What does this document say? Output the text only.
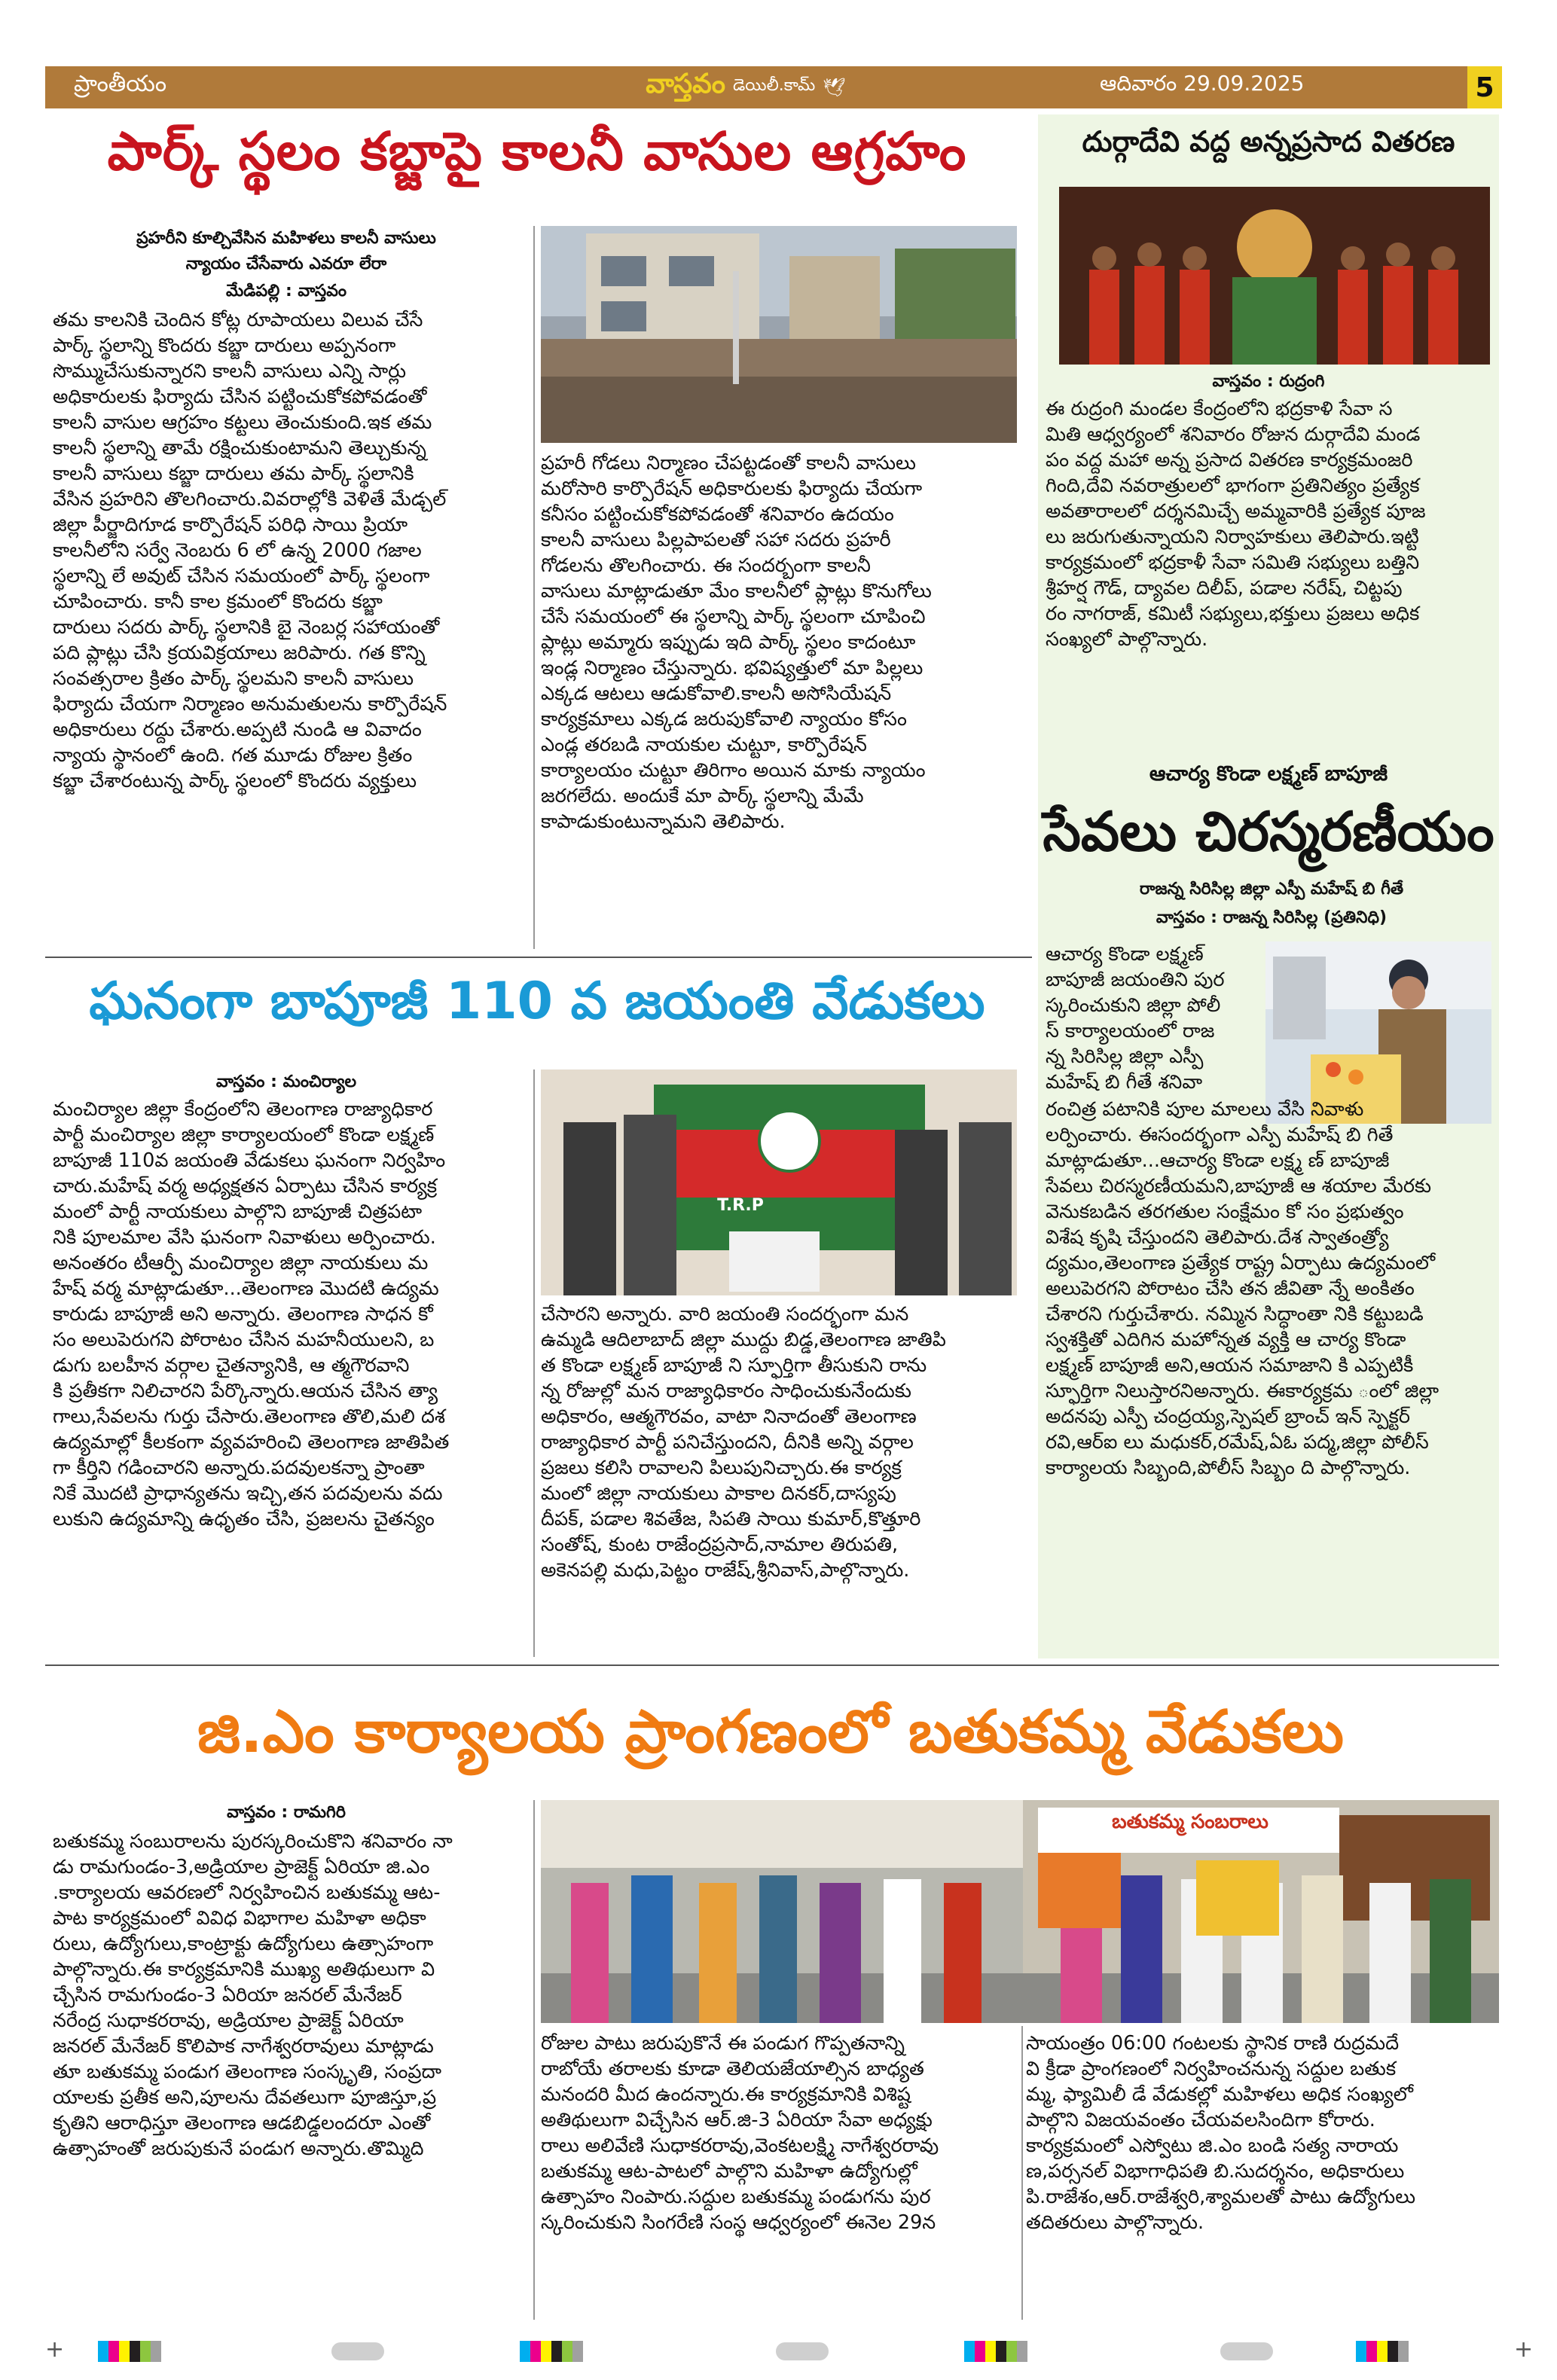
ప్రాంతీయం	వాస్తవం డెయిలీ.కామ్ 🕊	ఆదివారం 29.09.2025	5
పార్క్ స్థలం కబ్జాపై కాలనీ వాసుల ఆగ్రహం
ప్రహరీని కూల్చివేసిన మహిళలు కాలనీ వాసులు
న్యాయం చేసేవారు ఎవరూ లేరా
మేడిపల్లి : వాస్తవం
తమ కాలనికి చెందిన కోట్ల రూపాయలు విలువ చేసే
పార్క్ స్థలాన్ని కొందరు కబ్జా దారులు అప్పనంగా
సొమ్ముచేసుకున్నారని కాలనీ వాసులు ఎన్ని సార్లు
అధికారులకు ఫిర్యాదు చేసిన పట్టించుకోకపోవడంతో
కాలనీ వాసుల ఆగ్రహం కట్టలు తెంచుకుంది.ఇక తమ
కాలనీ స్థలాన్ని తామే రక్షించుకుంటామని తెల్చుకున్న
కాలనీ వాసులు కబ్జా దారులు తమ పార్క్ స్థలానికి
వేసిన ప్రహరిని తొలగించారు.వివరాల్లోకి వెళితే మేడ్చల్
జిల్లా పీర్జాదిగూడ కార్పొరేషన్ పరిధి సాయి ప్రియా
కాలనీలోని సర్వే నెంబరు 6 లో ఉన్న 2000 గజాల
స్థలాన్ని లే అవుట్ చేసిన సమయంలో పార్క్ స్థలంగా
చూపించారు. కానీ కాల క్రమంలో కొందరు కబ్జా
దారులు సదరు పార్క్ స్థలానికి బై నెంబర్ల సహాయంతో
పది ప్లాట్లు చేసి క్రయవిక్రయాలు జరిపారు. గత కొన్ని
సంవత్సరాల క్రితం పార్క్ స్థలమని కాలనీ వాసులు
ఫిర్యాదు చేయగా నిర్మాణం అనుమతులను కార్పొరేషన్
అధికారులు రద్దు చేశారు.అప్పటి నుండి ఆ వివాదం
న్యాయ స్థానంలో ఉంది. గత మూడు రోజుల క్రితం
కబ్జా చేశారంటున్న పార్క్ స్థలంలో కొందరు వ్యక్తులు
ప్రహరీ గోడలు నిర్మాణం చేపట్టడంతో కాలనీ వాసులు
మరోసారి కార్పొరేషన్ అధికారులకు ఫిర్యాదు చేయగా
కనీసం పట్టించుకోకపోవడంతో శనివారం ఉదయం
కాలనీ వాసులు పిల్లపాపలతో సహా సదరు ప్రహరీ
గోడలను తొలగించారు. ఈ సందర్బంగా కాలనీ
వాసులు మాట్లాడుతూ మేం కాలనీలో ప్లాట్లు కొనుగోలు
చేసే సమయంలో ఈ స్థలాన్ని పార్క్ స్థలంగా చూపించి
ప్లాట్లు అమ్మారు ఇప్పుడు ఇది పార్క్ స్థలం కాదంటూ
ఇండ్ల నిర్మాణం చేస్తున్నారు. భవిష్యత్తులో మా పిల్లలు
ఎక్కడ ఆటలు ఆడుకోవాలి.కాలనీ అసోసియేషన్
కార్యక్రమాలు ఎక్కడ జరుపుకోవాలి న్యాయం కోసం
ఎండ్ల తరబడి నాయకుల చుట్టూ, కార్పొరేషన్
కార్యాలయం చుట్టూ తిరిగాం అయిన మాకు న్యాయం
జరగలేదు. అందుకే మా పార్క్ స్థలాన్ని మేమే
కాపాడుకుంటున్నామని తెలిపారు.
ఘనంగా బాపూజీ 110 వ జయంతి వేడుకలు
వాస్తవం : మంచిర్యాల
T.R.P
మంచిర్యాల జిల్లా కేంద్రంలోని తెలంగాణ రాజ్యాధికార
పార్టీ మంచిర్యాల జిల్లా కార్యాలయంలో కొండా లక్ష్మణ్
బాపూజీ 110వ జయంతి వేడుకలు ఘనంగా నిర్వహిం
చారు.మహేష్ వర్మ అధ్యక్షతన ఏర్పాటు చేసిన కార్యక్ర
మంలో పార్టీ నాయకులు పాల్గొని బాపూజీ చిత్రపటా
నికి పూలమాల వేసి ఘనంగా నివాళులు అర్పించారు.
అనంతరం టీఆర్పీ మంచిర్యాల జిల్లా నాయకులు మ
హేష్ వర్మ మాట్లాడుతూ...తెలంగాణ మొదటి ఉద్యమ
కారుడు బాపూజీ అని అన్నారు. తెలంగాణ సాధన కో
సం అలుపెరుగని పోరాటం చేసిన మహనీయులని, బ
డుగు బలహీన వర్గాల చైతన్యానికి, ఆ త్మగౌరవాని
కి ప్రతీకగా నిలిచారని పేర్కొన్నారు.ఆయన చేసిన త్యా
గాలు,సేవలను గుర్తు చేసారు.తెలంగాణ తొలి,మలి దశ
ఉద్యమాల్లో కీలకంగా వ్యవహరించి తెలంగాణ జాతిపిత
గా కీర్తిని గడించారని అన్నారు.పదవులకన్నా ప్రాంతా
నికే మొదటి ప్రాధాన్యతను ఇచ్చి,తన పదవులను వదు
లుకుని ఉద్యమాన్ని ఉధృతం చేసి, ప్రజలను చైతన్యం
చేసారని అన్నారు. వారి జయంతి సందర్భంగా మన
ఉమ్మడి ఆదిలాబాద్ జిల్లా ముద్దు బిడ్డ,తెలంగాణ జాతిపి
త కొండా లక్ష్మణ్ బాపూజీ ని స్ఫూర్తిగా తీసుకుని రాను
న్న రోజుల్లో మన రాజ్యాధికారం సాధించుకునేందుకు
అధికారం, ఆత్మగౌరవం, వాటా నినాదంతో తెలంగాణ
రాజ్యాధికార పార్టీ పనిచేస్తుందని, దీనికి అన్ని వర్గాల
ప్రజలు కలిసి రావాలని పిలుపునిచ్చారు.ఈ కార్యక్ర
మంలో జిల్లా నాయకులు పాకాల దినకర్,దాస్యపు
దీపక్, పడాల శివతేజ, సిపతి సాయి కుమార్,కొత్తూరి
సంతోష్, కుంట రాజేంద్రప్రసాద్,నామాల తిరుపతి,
అకెనపల్లి మధు,పెట్టం రాజేష్,శ్రీనివాస్,పాల్గొన్నారు.
దుర్గాదేవి వద్ద అన్నప్రసాద వితరణ
వాస్తవం : రుద్రంగి
ఈ రుద్రంగి మండల కేంద్రంలోని భద్రకాళి సేవా స
మితి ఆధ్వర్యంలో శనివారం రోజున దుర్గాదేవి మండ
పం వద్ద మహా అన్న ప్రసాద వితరణ కార్యక్రమంజరి
గింది,దేవి నవరాత్రులలో భాగంగా ప్రతినిత్యం ప్రత్యేక
అవతారాలలో దర్శనమిచ్చే అమ్మవారికి ప్రత్యేక పూజ
లు జరుగుతున్నాయని నిర్వాహకులు తెలిపారు.ఇట్టి
కార్యక్రమంలో భద్రకాళీ సేవా సమితి సభ్యులు బత్తిని
శ్రీహర్ష గౌడ్, ద్యావల దిలీప్, పడాల నరేష్, చిట్టపు
రం నాగరాజ్, కమిటీ సభ్యులు,భక్తులు ప్రజలు అధిక
సంఖ్యలో పాల్గొన్నారు.
ఆచార్య కొండా లక్ష్మణ్ బాపూజీ
సేవలు చిరస్మరణీయం
రాజన్న సిరిసిల్ల జిల్లా ఎస్పీ మహేష్ బి గీతే
వాస్తవం : రాజన్న సిరిసిల్ల (ప్రతినిధి)
ఆచార్య కొండా లక్ష్మణ్
బాపూజీ జయంతిని పుర
స్కరించుకుని జిల్లా పోలీ
స్ కార్యాలయంలో రాజ
న్న సిరిసిల్ల జిల్లా ఎస్పీ
మహేష్ బి గీతే శనివా
రంచిత్ర పటానికి పూల మాలలు వేసి నివాళు
లర్పించారు. ఈసందర్భంగా ఎస్పీ మహేష్ బి గితే
మాట్లాడుతూ...ఆచార్య కొండా లక్ష్మ ణ్ బాపూజీ
సేవలు చిరస్మరణీయమని,బాపూజీ ఆ శయాల మేరకు
వెనుకబడిన తరగతుల సంక్షేమం కో సం ప్రభుత్వం
విశేష కృషి చేస్తుందని తెలిపారు.దేశ స్వాతంత్ర్యో
ద్యమం,తెలంగాణ ప్రత్యేక రాష్ట్ర ఏర్పాటు ఉద్యమంలో
అలుపెరగని పోరాటం చేసి తన జీవితా న్నే అంకితం
చేశారని గుర్తుచేశారు. నమ్మిన సిద్ధాంతా నికి కట్టుబడి
స్వశక్తితో ఎదిగిన మహోన్నత వ్యక్తి ఆ చార్య కొండా
లక్ష్మణ్ బాపూజీ అని,ఆయన సమాజాని కి ఎప్పటికీ
స్ఫూర్తిగా నిలుస్తారనిఅన్నారు. ఈకార్యక్రమ ంలో జిల్లా
అదనపు ఎస్పీ చంద్రయ్య,స్పెషల్ బ్రాంచ్ ఇన్ స్పెక్టర్
రవి,ఆర్ఐ లు మధుకర్,రమేష్,ఏఓ పద్మ,జిల్లా పోలీస్
కార్యాలయ సిబ్బంది,పోలీస్ సిబ్బం ది పాల్గొన్నారు.
జి.ఎం కార్యాలయ ప్రాంగణంలో బతుకమ్మ వేడుకలు
వాస్తవం : రామగిరి	బతుకమ్మ సంబరాలు
బతుకమ్మ సంబురాలను పురస్కరించుకొని శనివారం నా
డు రామగుండం-3,అడ్రియాల ప్రాజెక్ట్ ఏరియా జి.ఎం
.కార్యాలయ ఆవరణలో నిర్వహించిన బతుకమ్మ ఆట-
పాట కార్యక్రమంలో వివిధ విభాగాల మహిళా అధికా
రులు, ఉద్యోగులు,కాంట్రాక్టు ఉద్యోగులు ఉత్సాహంగా
పాల్గొన్నారు.ఈ కార్యక్రమానికి ముఖ్య అతిథులుగా వి
చ్చేసిన రామగుండం-3 ఏరియా జనరల్ మేనేజర్
నరేంద్ర సుధాకరరావు, అడ్రియాల ప్రాజెక్ట్ ఏరియా
జనరల్ మేనేజర్ కొలిపాక నాగేశ్వరరావులు మాట్లాడు
తూ బతుకమ్మ పండుగ తెలంగాణ సంస్కృతి, సంప్రదా
యాలకు ప్రతీక అని,పూలను దేవతలుగా పూజిస్తూ,ప్ర
కృతిని ఆరాధిస్తూ తెలంగాణ ఆడబిడ్డలందరూ ఎంతో
ఉత్సాహంతో జరుపుకునే పండుగ అన్నారు.తొమ్మిది
రోజుల పాటు జరుపుకొనే ఈ పండుగ గొప్పతనాన్ని
రాబోయే తరాలకు కూడా తెలియజేయాల్సిన బాధ్యత
మనందరి మీద ఉందన్నారు.ఈ కార్యక్రమానికి విశిష్ట
అతిథులుగా విచ్చేసిన ఆర్.జి-3 ఏరియా సేవా అధ్యక్షు
రాలు అలివేణి సుధాకరరావు,వెంకటలక్ష్మి నాగేశ్వరరావు
బతుకమ్మ ఆట-పాటలో పాల్గొని మహిళా ఉద్యోగుల్లో
ఉత్సాహం నింపారు.సద్దుల బతుకమ్మ పండుగను పుర
స్కరించుకుని సింగరేణి సంస్థ ఆధ్వర్యంలో ఈనెల 29న
సాయంత్రం 06:00 గంటలకు స్థానిక రాణి రుద్రమదే
వి క్రీడా ప్రాంగణంలో నిర్వహించనున్న సద్దుల బతుక
మ్మ, ఫ్యామిలీ డే వేడుకల్లో మహిళలు అధిక సంఖ్యలో
పాల్గొని విజయవంతం చేయవలసిందిగా కోరారు.
కార్యక్రమంలో ఎస్వోటు జి.ఎం బండి సత్య నారాయ
ణ,పర్సనల్ విభాగాధిపతి బి.సుదర్శనం, అధికారులు
పి.రాజేశం,ఆర్.రాజేశ్వరి,శ్యామలతో పాటు ఉద్యోగులు
తదితరులు పాల్గొన్నారు.
+	+
